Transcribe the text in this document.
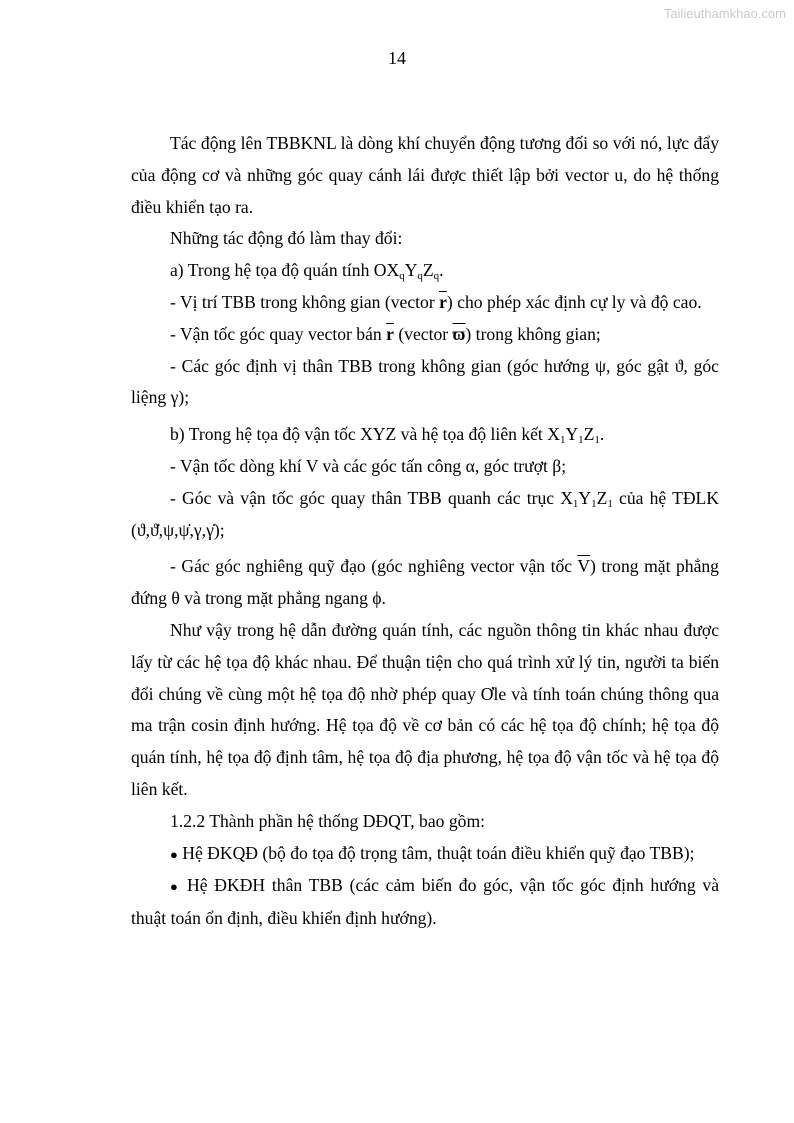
Tailieuthamkhao.com
14

Tác động lên TBBKNL là dòng khí chuyển động tương đối so với nó, lực đẩy của động cơ và những góc quay cánh lái được thiết lập bởi vector u, do hệ thống điều khiển tạo ra.

Những tác động đó làm thay đổi:

a) Trong hệ tọa độ quán tính $OX_qY_qZ_q$.

- Vị trí TBB trong không gian (vector $\overline{r}$) cho phép xác định cự ly và độ cao.

- Vận tốc góc quay vector bán $\overline{r}$ (vector $\overline{ϖ}$) trong không gian;

- Các góc định vị thân TBB trong không gian (góc hướng ψ, góc gật ϑ, góc liệng γ);

b) Trong hệ tọa độ vận tốc XYZ và hệ tọa độ liên kết $X_1Y_1Z_1$.

- Vận tốc dòng khí V và các góc tấn công α, góc trượt β;

- Góc và vận tốc góc quay thân TBB quanh các trục $X_1Y_1Z_1$ của hệ TĐLK (ϑ,ϑ̇,ψ,ψ̇,γ,γ̇);

- Gác góc nghiêng quỹ đạo (góc nghiêng vector vận tốc $\overline{V}$) trong mặt phẳng đứng θ và trong mặt phẳng ngang ϕ.

Như vậy trong hệ dẫn đường quán tính, các nguồn thông tin khác nhau được lấy từ các hệ tọa độ khác nhau. Để thuận tiện cho quá trình xử lý tin, người ta biến đổi chúng về cùng một hệ tọa độ nhờ phép quay Ơle và tính toán chúng thông qua ma trận cosin định hướng. Hệ tọa độ về cơ bản có các hệ tọa độ chính; hệ tọa độ quán tính, hệ tọa độ định tâm, hệ tọa độ địa phương, hệ tọa độ vận tốc và hệ tọa độ liên kết.

1.2.2 Thành phần hệ thống DĐQT, bao gồm:

● Hệ ĐKQĐ (bộ đo tọa độ trọng tâm, thuật toán điều khiển quỹ đạo TBB);

● Hệ ĐKĐH thân TBB (các cảm biến đo góc, vận tốc góc định hướng và thuật toán ổn định, điều khiển định hướng).
